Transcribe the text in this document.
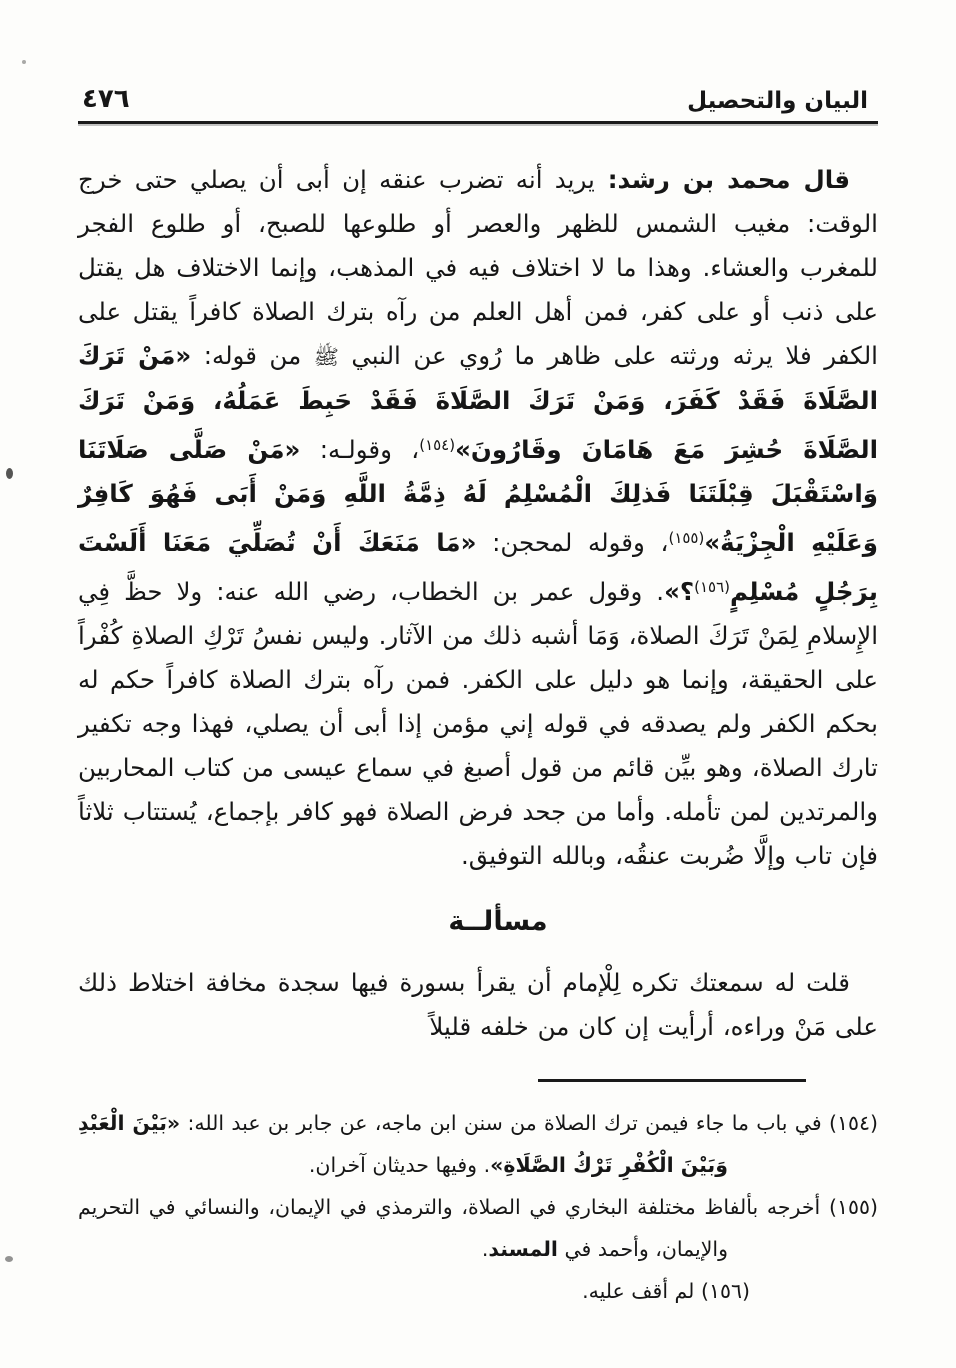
البيان والتحصيل
٤٧٦

قال محمد بن رشد: يريد أنه تضرب عنقه إن أبى أن يصلي حتى خرج الوقت: مغيب الشمس للظهر والعصر أو طلوعها للصبح، أو طلوع الفجر للمغرب والعشاء. وهذا ما لا اختلاف فيه في المذهب، وإنما الاختلاف هل يقتل على ذنب أو على كفر، فمن أهل العلم من رآه بترك الصلاة كافراً يقتل على الكفر فلا يرثه ورثته على ظاهر ما رُوي عن النبي ﷺ من قوله: «مَنْ تَرَكَ الصَّلَاةَ فَقَدْ كَفَرَ، وَمَنْ تَرَكَ الصَّلَاةَ فَقَدْ حَبِطَ عَمَلُهُ، وَمَنْ تَرَكَ الصَّلَاةَ حُشِرَ مَعَ هَامَانَ وقَارُونَ»$^{(١٥٤)}$، وقولـه: «مَنْ صَلَّى صَلَاتَنَا وَاسْتَقْبَلَ قِبْلَتَنَا فَذلِكَ الْمُسْلِمُ لَهُ ذِمَّةُ اللَّهِ وَمَنْ أَبَى فَهُوَ كَافِرٌ وَعَلَيْهِ الْجِزْيَةُ»$^{(١٥٥)}$، وقوله لمحجن: «مَا مَنَعَكَ أَنْ تُصَلِّيَ مَعَنَا أَلَسْتَ بِرَجُلٍ مُسْلِمٍ$^{(١٥٦)}$؟». وقول عمر بن الخطاب، رضي الله عنه: ولا حظَّ فِي الإِسلامِ لِمَنْ تَرَكَ الصلاة، وَمَا أشبه ذلك من الآثار. وليس نفسُ تَرْكِ الصلاةِ كُفْراً على الحقيقة، وإنما هو دليل على الكفر. فمن رآه بترك الصلاة كافراً حكم له بحكم الكفر ولم يصدقه في قوله إني مؤمن إذا أبى أن يصلي، فهذا وجه تكفير تارك الصلاة، وهو بيِّن قائم من قول أصبغ في سماع عيسى من كتاب المحاربين والمرتدين لمن تأمله. وأما من جحد فرض الصلاة فهو كافر بإجماع، يُستتاب ثلاثاً فإن تاب وإلَّا ضُربت عنقُه، وبالله التوفيق.

مسألــة

قلت له سمعتك تكره لِلْإمام أن يقرأ بسورة فيها سجدة مخافة اختلاط ذلك على مَنْ وراءه، أرأيت إن كان من خلفه قليلاً

(١٥٤) في باب ما جاء فيمن ترك الصلاة من سنن ابن ماجه، عن جابر بن عبد الله: «بَيْنَ الْعَبْدِ وَبَيْنَ الْكُفْرِ تَرْكُ الصَّلَاةِ». وفيها حديثان آخران.
(١٥٥) أخرجه بألفاظ مختلفة البخاري في الصلاة، والترمذي في الإيمان، والنسائي في التحريم والإيمان، وأحمد في المسند.
(١٥٦) لم أقف عليه.
